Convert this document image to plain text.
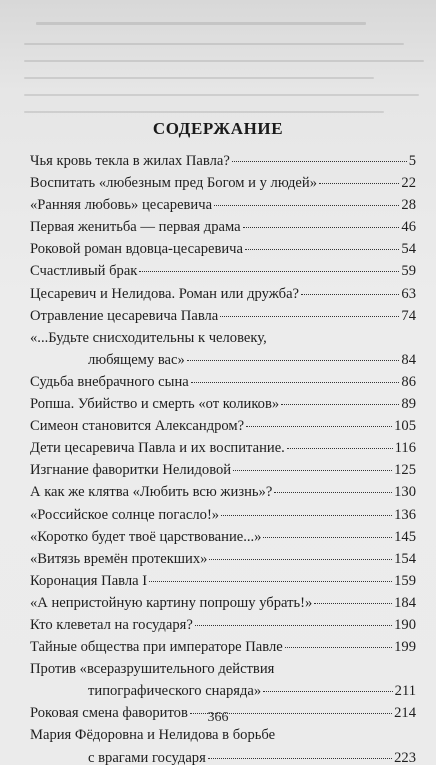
СОДЕРЖАНИЕ
Чья кровь текла в жилах Павла?	5
Воспитать «любезным пред Богом и у людей»	22
«Ранняя любовь» цесаревича	28
Первая женитьба — первая драма	46
Роковой роман вдовца-цесаревича	54
Счастливый брак	59
Цесаревич и Нелидова. Роман или дружба?	63
Отравление цесаревича Павла	74
«...Будьте снисходительны к человеку,
любящему вас»	84
Судьба внебрачного сына	86
Ропша. Убийство и смерть «от коликов»	89
Симеон становится Александром?	105
Дети цесаревича Павла и их воспитание.	116
Изгнание фаворитки Нелидовой	125
А как же клятва «Любить всю жизнь»?	130
«Российское солнце погасло!»	136
«Коротко будет твоё царствование...»	145
«Витязь времён протекших»	154
Коронация Павла I	159
«А непристойную картину попрошу убрать!»	184
Кто клеветал на государя?	190
Тайные общества при императоре Павле	199
Против «всеразрушительного действия
типографического снаряда»	211
Роковая смена фаворитов	214
Мария Фёдоровна и Нелидова в борьбе
с врагами государя	223
366
